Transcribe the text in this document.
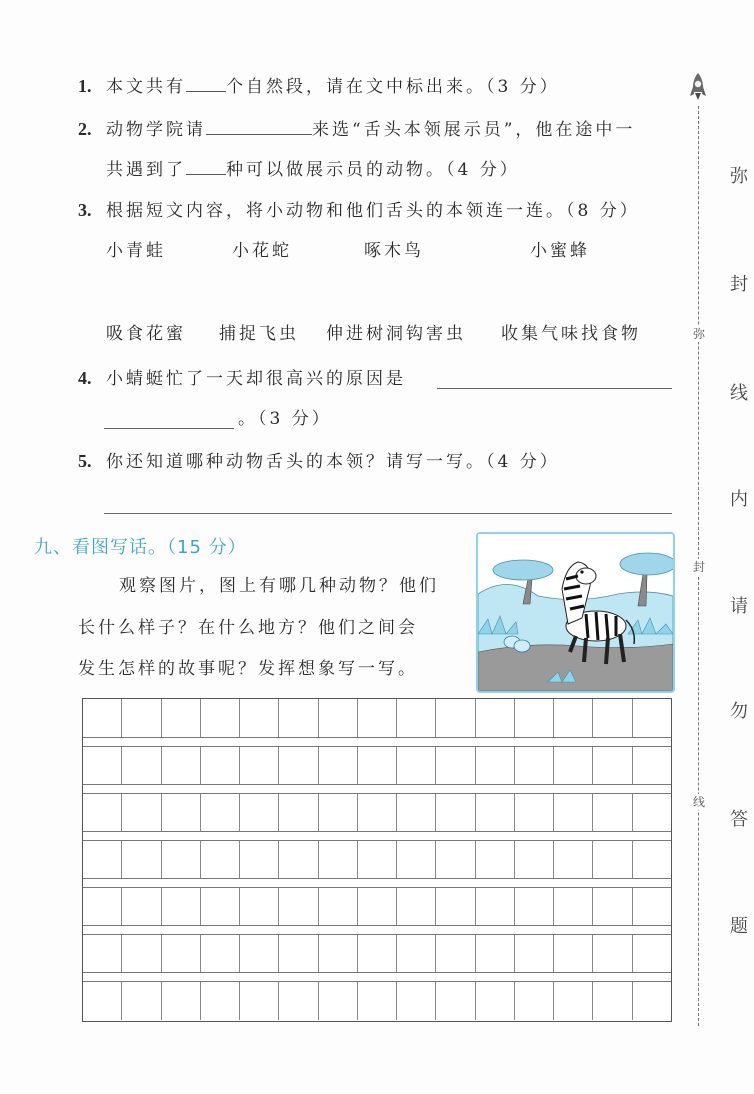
1. 本文共有 个自然段，请在文中标出来。（3 分）
2. 动物学院请	来选“舌头本领展示员”，他在途中一
共遇到了 种可以做展示员的动物。（4 分）
3. 根据短文内容，将小动物和他们舌头的本领连一连。（8 分）
小青蛙	小花蛇	啄木鸟	小蜜蜂
吸食花蜜 捕捉飞虫 伸进树洞钩害虫 收集气味找食物
4. 小蜻蜓忙了一天却很高兴的原因是
。（3 分）
5. 你还知道哪种动物舌头的本领？请写一写。（4 分）
九、看图写话。（15 分）
观察图片，图上有哪几种动物？他们
长什么样子？在什么地方？他们之间会
发生怎样的故事呢？发挥想象写一写。
弥
封
线
弥
封
线
内
请
勿
答
题
